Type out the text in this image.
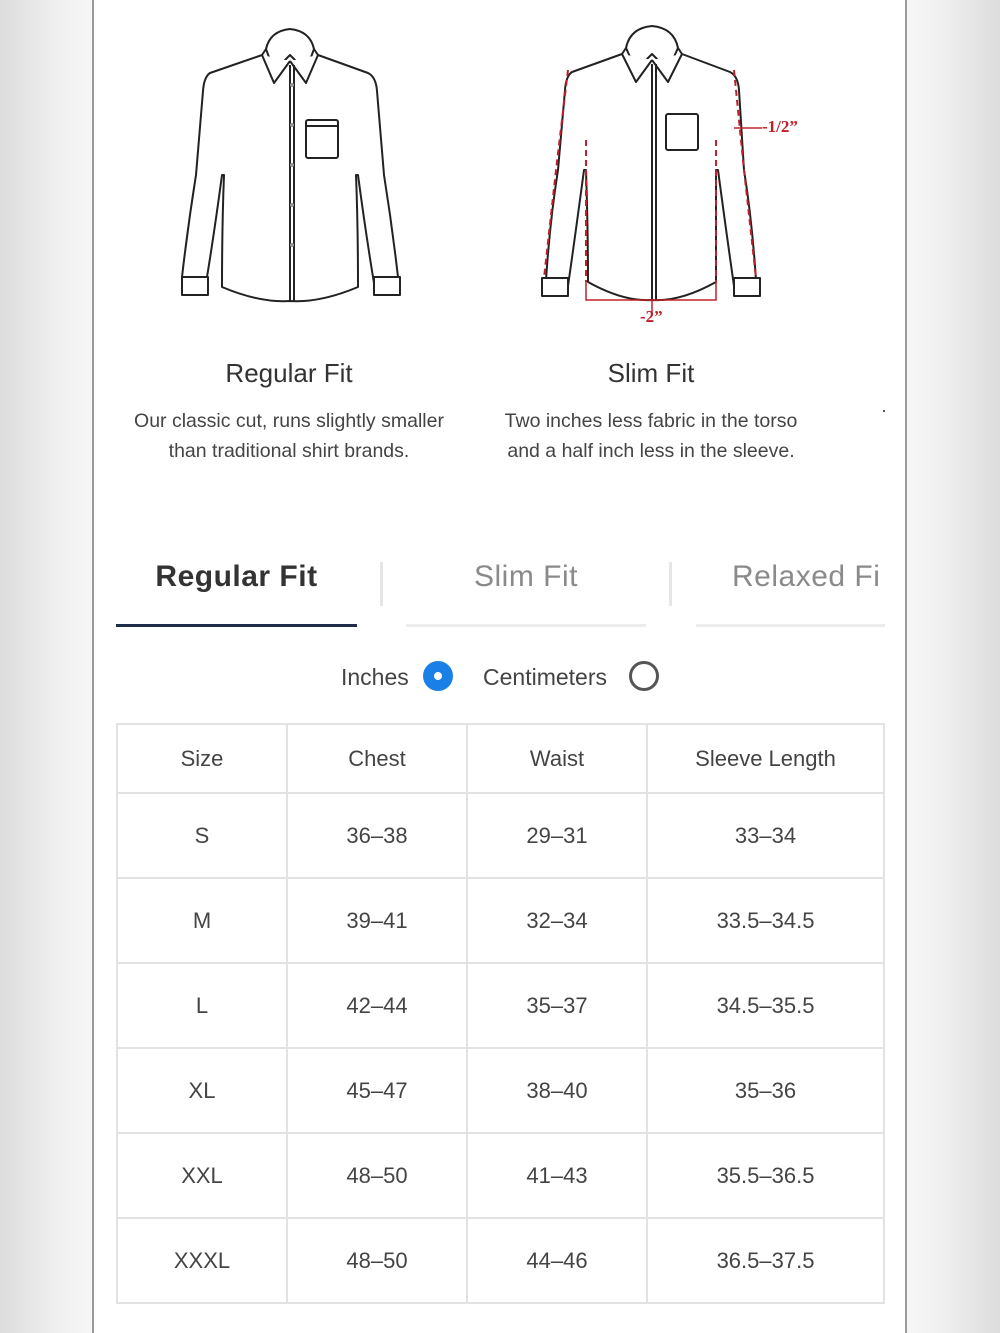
-1/2”
-2”
Regular Fit
Our classic cut, runs slightly smaller than traditional shirt brands.
Slim Fit
Two inches less fabric in the torso and a half inch less in the sleeve.
Regular Fit	Slim Fit	Relaxed Fi
Inches	Centimeters
Size	Chest	Waist	Sleeve Length
S	36–38	29–31	33–34
M	39–41	32–34	33.5–34.5
L	42–44	35–37	34.5–35.5
XL	45–47	38–40	35–36
XXL	48–50	41–43	35.5–36.5
XXXL	48–50	44–46	36.5–37.5
